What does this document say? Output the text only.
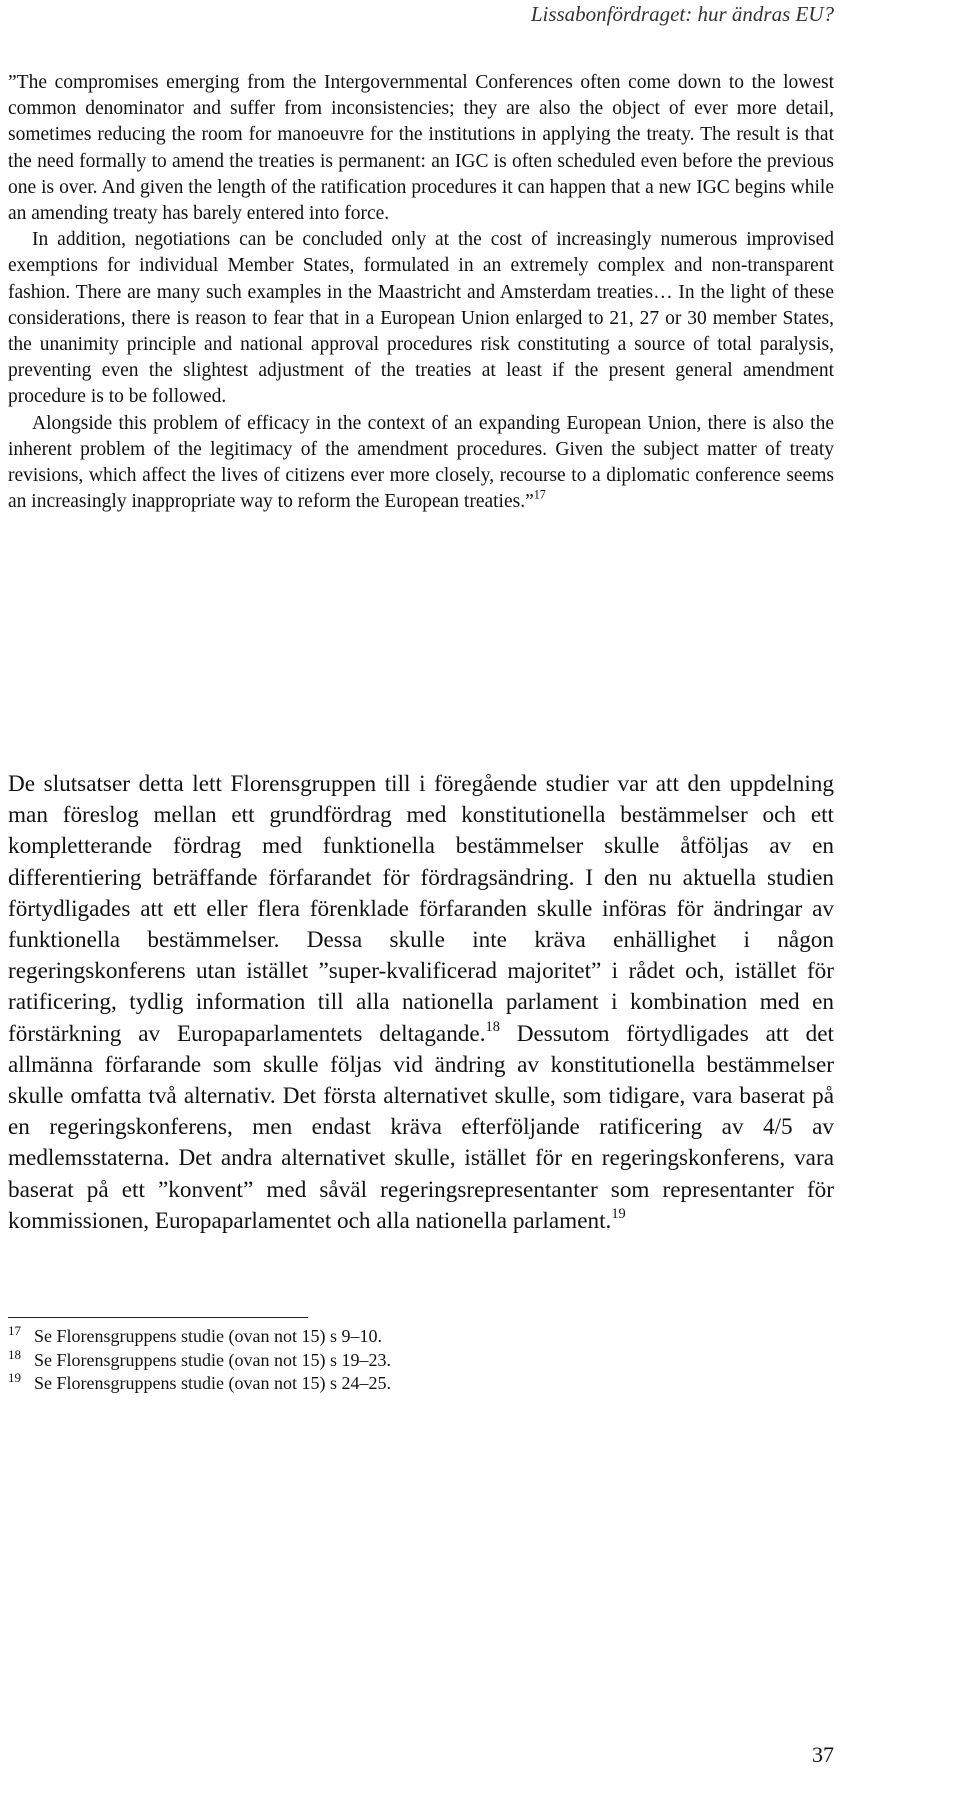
Lissabonfördraget: hur ändras EU?

”The compromises emerging from the Intergovernmental Conferences often come down to the lowest common denominator and suffer from inconsistencies; they are also the object of ever more detail, sometimes reducing the room for manoeuvre for the institutions in applying the treaty. The result is that the need formally to amend the treaties is permanent: an IGC is often scheduled even before the previous one is over. And given the length of the ratification procedures it can happen that a new IGC begins while an amending treaty has barely entered into force.

In addition, negotiations can be concluded only at the cost of increasingly numerous improvised exemptions for individual Member States, formulated in an extremely complex and non-transparent fashion. There are many such examples in the Maastricht and Amsterdam treaties… In the light of these considerations, there is reason to fear that in a European Union enlarged to 21, 27 or 30 member States, the unanimity principle and national approval procedures risk constituting a source of total paralysis, preventing even the slightest adjustment of the treaties at least if the present general amendment procedure is to be followed.

Alongside this problem of efficacy in the context of an expanding European Union, there is also the inherent problem of the legitimacy of the amendment procedures. Given the subject matter of treaty revisions, which affect the lives of citizens ever more closely, recourse to a diplomatic conference seems an increasingly inappropriate way to reform the European treaties.”$^{17}$

De slutsatser detta lett Florensgruppen till i föregående studier var att den uppdelning man föreslog mellan ett grundfördrag med konstitutionella bestämmelser och ett kompletterande fördrag med funktionella bestämmelser skulle åtföljas av en differentiering beträffande förfarandet för fördragsändring. I den nu aktuella studien förtydligades att ett eller flera förenklade förfaranden skulle införas för ändringar av funktionella bestämmelser. Dessa skulle inte kräva enhällighet i någon regeringskonferens utan istället ”super-kvalificerad majoritet” i rådet och, istället för ratificering, tydlig information till alla nationella parlament i kombination med en förstärkning av Europaparlamentets deltagande.$^{18}$ Dessutom förtydligades att det allmänna förfarande som skulle följas vid ändring av konstitutionella bestämmelser skulle omfatta två alternativ. Det första alternativet skulle, som tidigare, vara baserat på en regeringskonferens, men endast kräva efterföljande ratificering av 4/5 av medlemsstaterna. Det andra alternativet skulle, istället för en regeringskonferens, vara baserat på ett ”konvent” med såväl regeringsrepresentanter som representanter för kommissionen, Europaparlamentet och alla nationella parlament.$^{19}$

17 Se Florensgruppens studie (ovan not 15) s 9–10.
18 Se Florensgruppens studie (ovan not 15) s 19–23.
19 Se Florensgruppens studie (ovan not 15) s 24–25.

37
